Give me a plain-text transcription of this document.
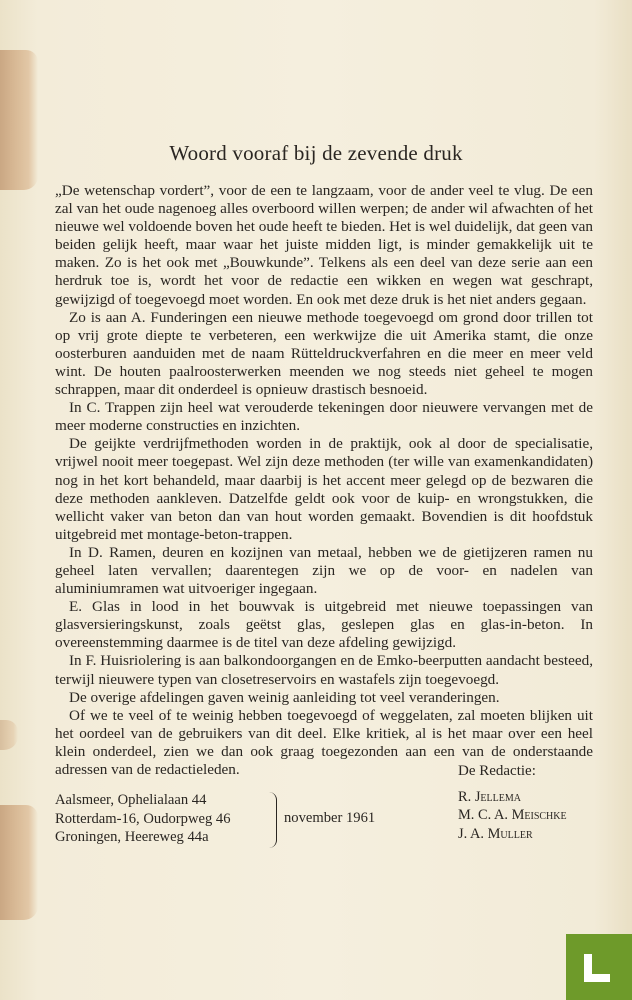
Woord vooraf bij de zevende druk

„De wetenschap vordert”, voor de een te langzaam, voor de ander veel te vlug. De een zal van het oude nagenoeg alles overboord willen werpen; de ander wil afwachten of het nieuwe wel voldoende boven het oude heeft te bieden. Het is wel duidelijk, dat geen van beiden gelijk heeft, maar waar het juiste midden ligt, is minder gemakkelijk uit te maken. Zo is het ook met „Bouwkunde”. Telkens als een deel van deze serie aan een herdruk toe is, wordt het voor de redactie een wikken en wegen wat geschrapt, gewijzigd of toegevoegd moet worden. En ook met deze druk is het niet anders gegaan.

Zo is aan A. Funderingen een nieuwe methode toegevoegd om grond door trillen tot op vrij grote diepte te verbeteren, een werkwijze die uit Amerika stamt, die onze oosterburen aanduiden met de naam Rütteldruckverfahren en die meer en meer veld wint. De houten paalroosterwerken meenden we nog steeds niet geheel te mogen schrappen, maar dit onderdeel is opnieuw drastisch besnoeid.

In C. Trappen zijn heel wat verouderde tekeningen door nieuwere vervangen met de meer moderne constructies en inzichten.

De geijkte verdrijfmethoden worden in de praktijk, ook al door de specialisatie, vrijwel nooit meer toegepast. Wel zijn deze methoden (ter wille van examenkandidaten) nog in het kort behandeld, maar daarbij is het accent meer gelegd op de bezwaren die deze methoden aankleven. Datzelfde geldt ook voor de kuip- en wrongstukken, die wellicht vaker van beton dan van hout worden gemaakt. Bovendien is dit hoofdstuk uitgebreid met montage-beton-trappen.

In D. Ramen, deuren en kozijnen van metaal, hebben we de gietijzeren ramen nu geheel laten vervallen; daarentegen zijn we op de voor- en nadelen van aluminiumramen wat uitvoeriger ingegaan.

E. Glas in lood in het bouwvak is uitgebreid met nieuwe toepassingen van glasversieringskunst, zoals geëtst glas, geslepen glas en glas-in-beton. In overeenstemming daarmee is de titel van deze afdeling gewijzigd.

In F. Huisriolering is aan balkondoorgangen en de Emko-beerputten aandacht besteed, terwijl nieuwere typen van closetreservoirs en wastafels zijn toegevoegd.

De overige afdelingen gaven weinig aanleiding tot veel veranderingen.

Of we te veel of te weinig hebben toegevoegd of weggelaten, zal moeten blijken uit het oordeel van de gebruikers van dit deel. Elke kritiek, al is het maar over een heel klein onderdeel, zien we dan ook graag toegezonden aan een van de onderstaande adressen van de redactieleden.	De Redactie:
Aalsmeer, Ophelialaan 44
Rotterdam-16, Oudorpweg 46
Groningen, Heereweg 44a
november 1961
R. Jellema
M. C. A. Meischke
J. A. Muller
